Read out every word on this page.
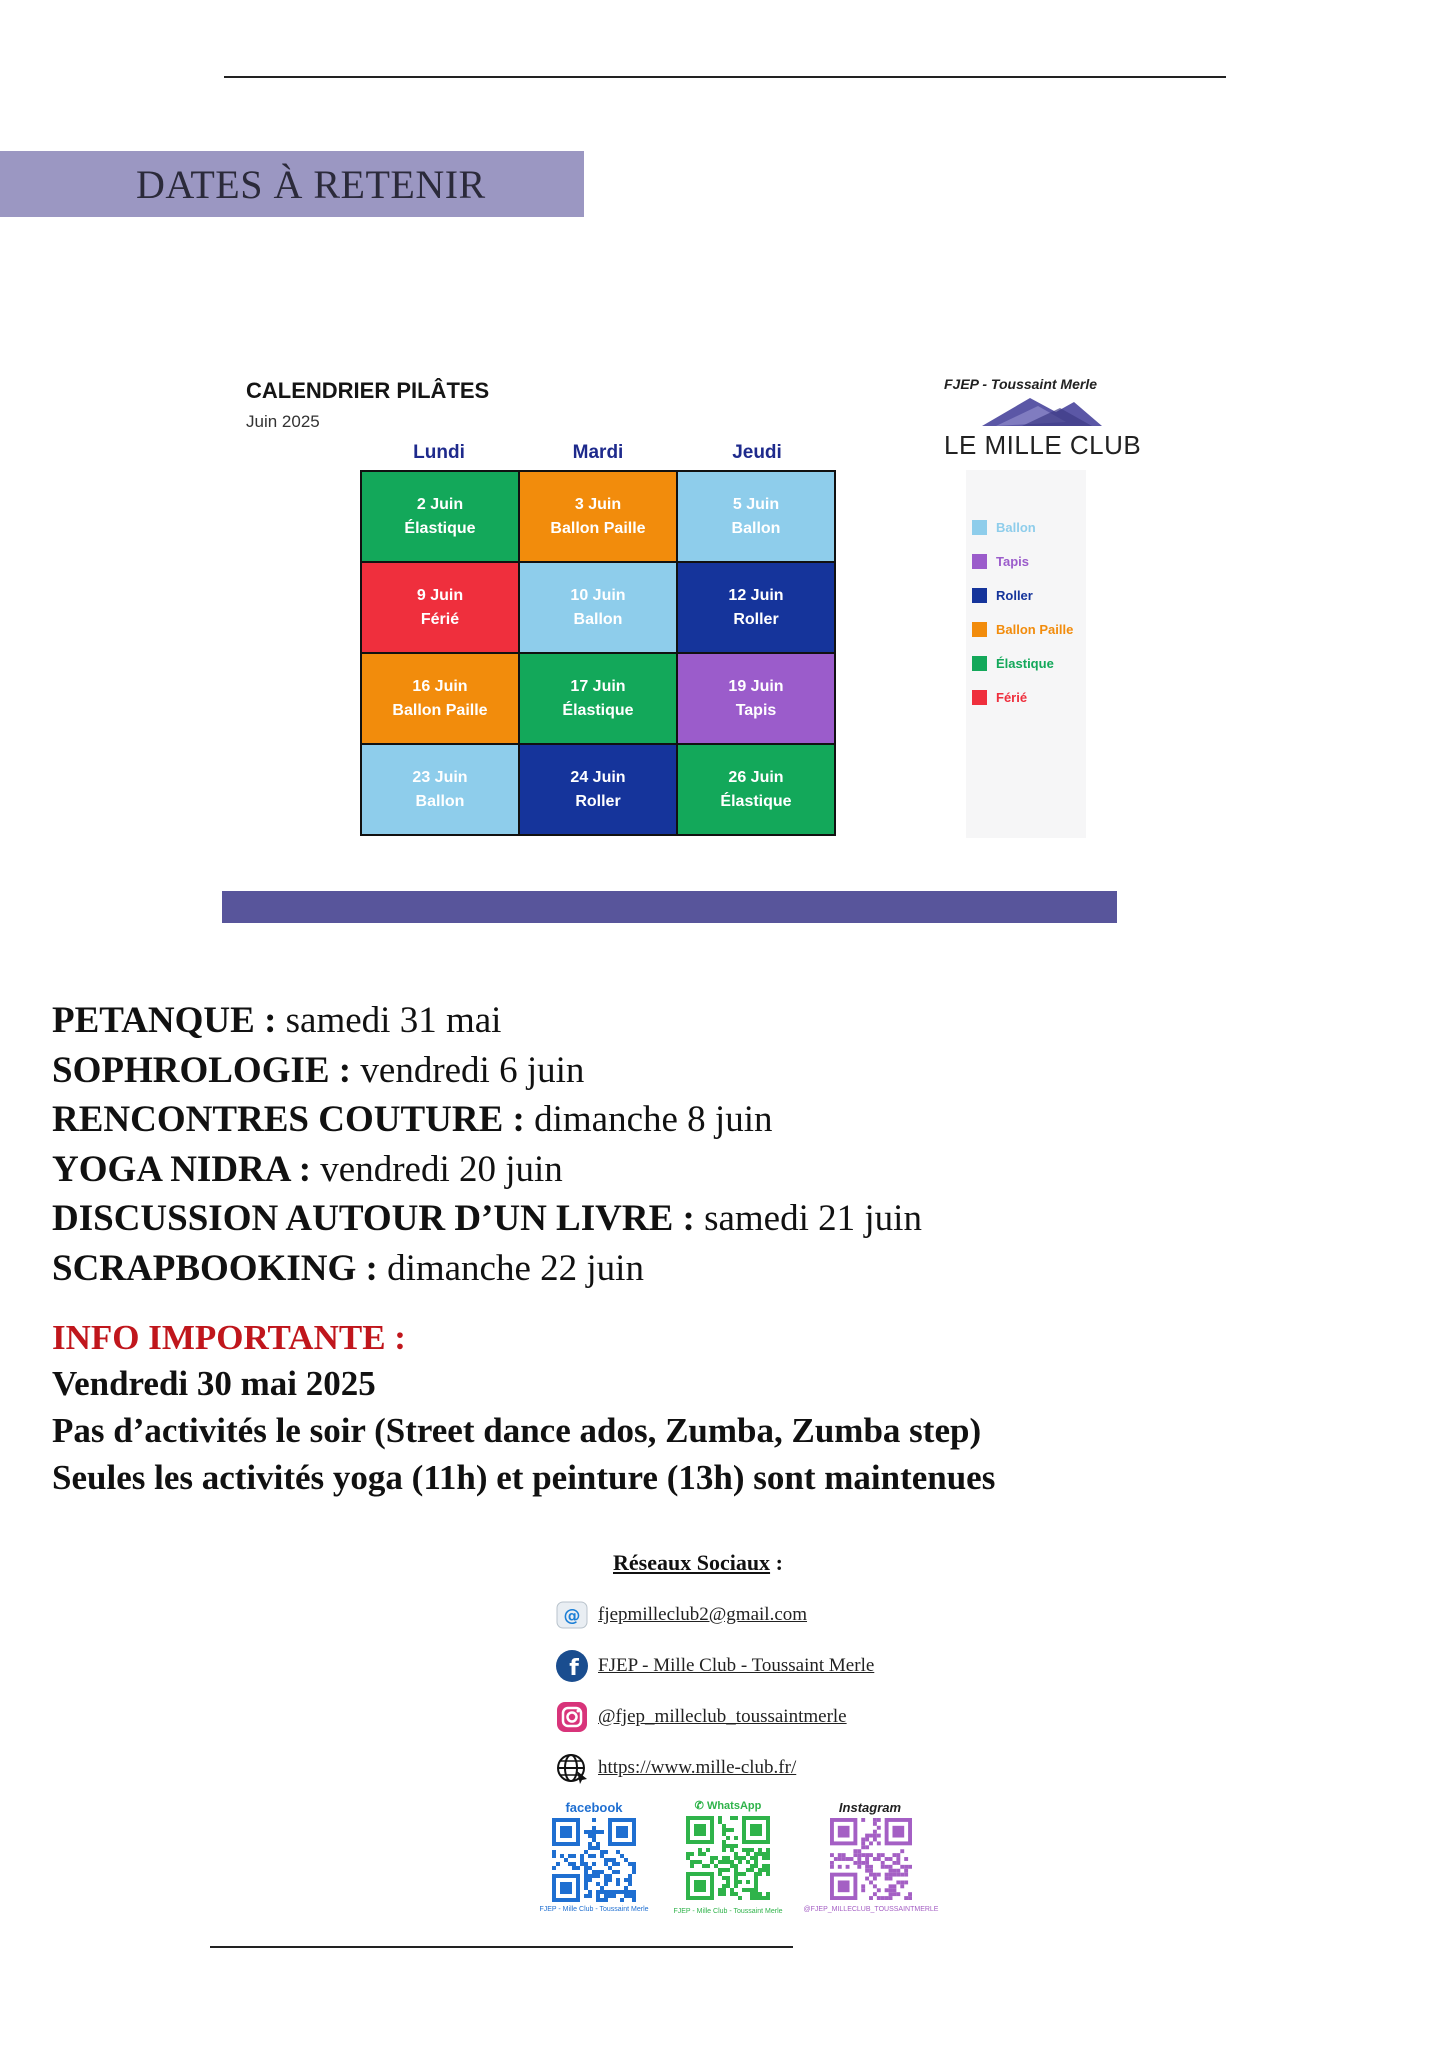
DATES À RETENIR
CALENDRIER PILÂTES
Juin 2025
Lundi	Mardi	Jeudi
2 Juin
Élastique
3 Juin
Ballon Paille
5 Juin
Ballon
9 Juin
Férié
10 Juin
Ballon
12 Juin
Roller
16 Juin
Ballon Paille
17 Juin
Élastique
19 Juin
Tapis
23 Juin
Ballon
24 Juin
Roller
26 Juin
Élastique
FJEP - Toussaint Merle
LE MILLE CLUB
Ballon
Tapis
Roller
Ballon Paille
Élastique
Férié
PETANQUE : samedi 31 mai
SOPHROLOGIE : vendredi 6 juin
RENCONTRES COUTURE : dimanche 8 juin
YOGA NIDRA : vendredi 20 juin
DISCUSSION AUTOUR D’UN LIVRE : samedi 21 juin
SCRAPBOOKING : dimanche 22 juin
INFO IMPORTANTE :
Vendredi 30 mai 2025
Pas d’activités le soir (Street dance ados, Zumba, Zumba step)
Seules les activités yoga (11h) et peinture (13h) sont maintenues
Réseaux Sociaux :
@ fjepmilleclub2@gmail.com
f FJEP - Mille Club - Toussaint Merle
@fjep_milleclub_toussaintmerle
https://www.mille-club.fr/
facebook
FJEP - Mille Club - Toussaint Merle
✆ WhatsApp
FJEP - Mille Club - Toussaint Merle
Instagram
@FJEP_MILLECLUB_TOUSSAINTMERLE
